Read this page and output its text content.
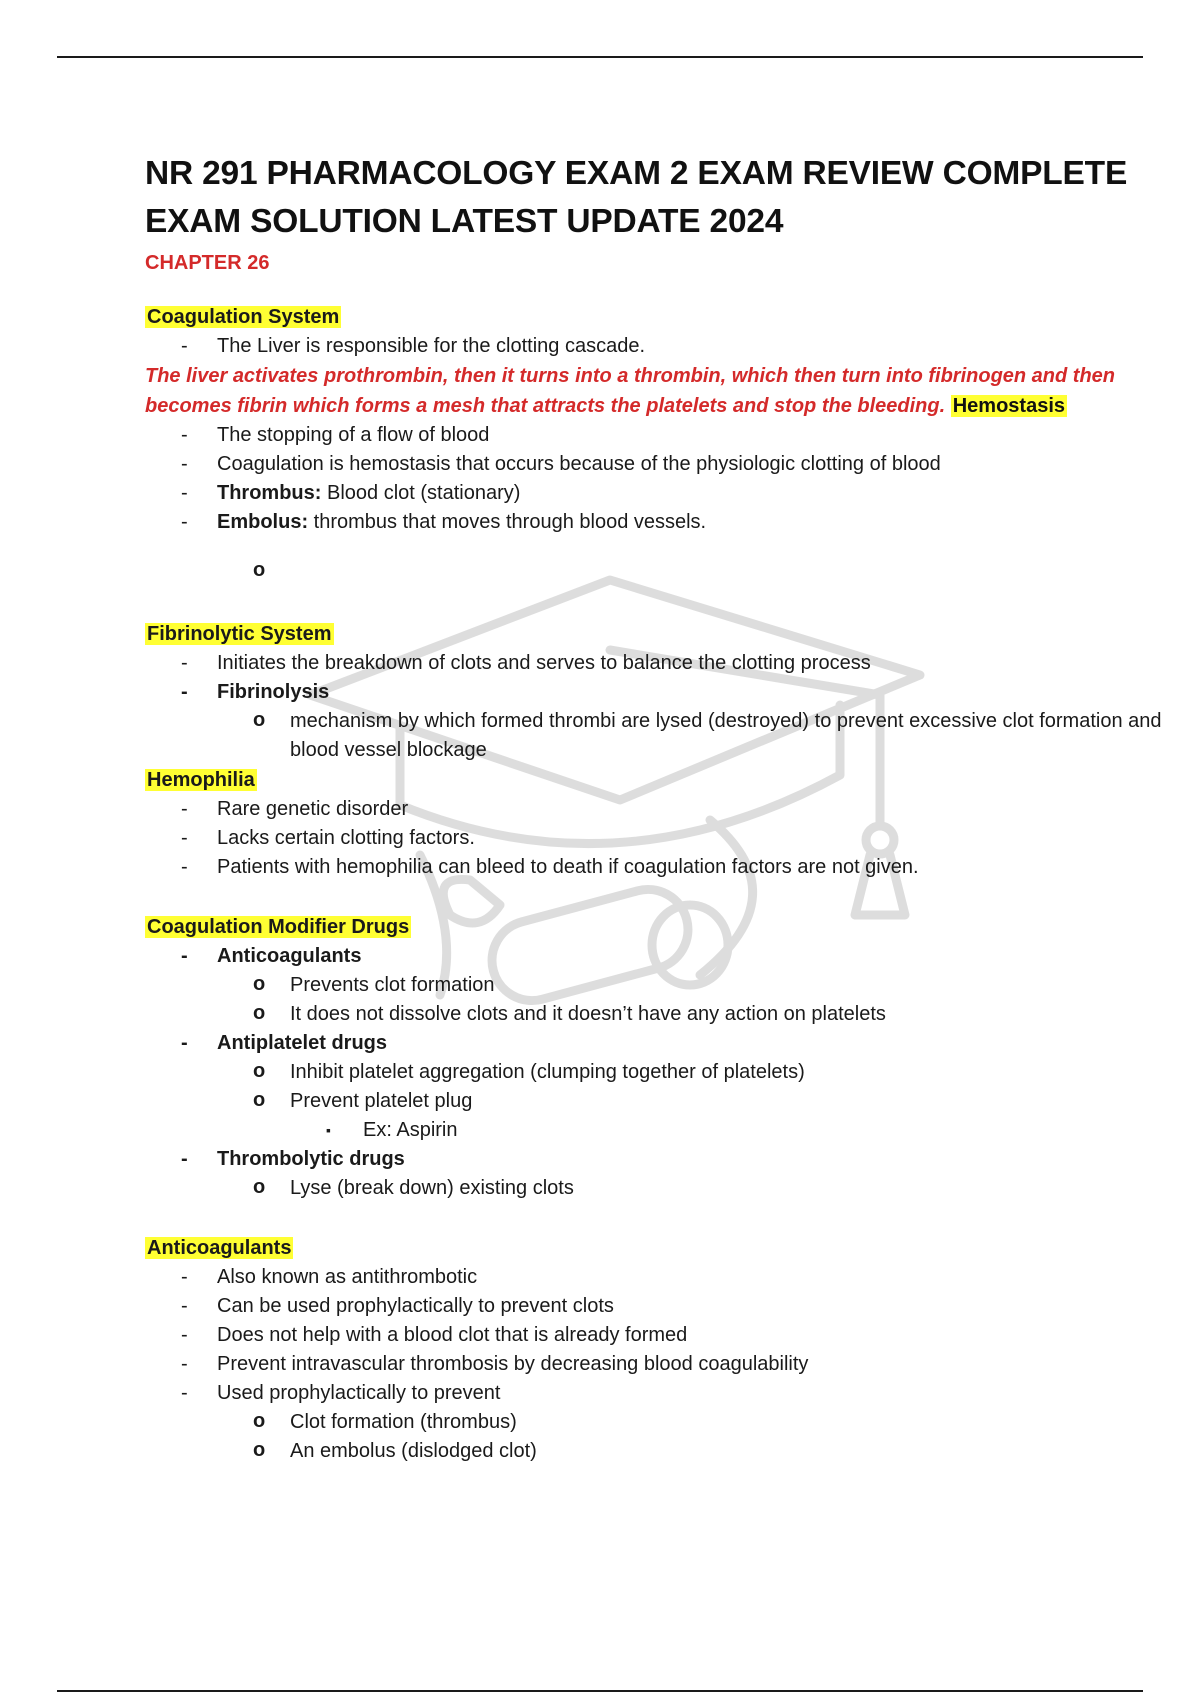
NR 291 PHARMACOLOGY EXAM 2 EXAM REVIEW COMPLETE EXAM SOLUTION LATEST UPDATE 2024
CHAPTER 26
Coagulation System
- The Liver is responsible for the clotting cascade.

The liver activates prothrombin, then it turns into a thrombin, which then turn into fibrinogen and then becomes fibrin which forms a mesh that attracts the platelets and stop the bleeding. Hemostasis

- The stopping of a flow of blood
- Coagulation is hemostasis that occurs because of the physiologic clotting of blood
- Thrombus: Blood clot (stationary)
- Embolus: thrombus that moves through blood vessels.
o
Fibrinolytic System
- Initiates the breakdown of clots and serves to balance the clotting process
- Fibrinolysis
o mechanism by which formed thrombi are lysed (destroyed) to prevent excessive clot formation and blood vessel blockage
Hemophilia
- Rare genetic disorder
- Lacks certain clotting factors.
- Patients with hemophilia can bleed to death if coagulation factors are not given.
Coagulation Modifier Drugs
- Anticoagulants
o Prevents clot formation
o It does not dissolve clots and it doesn’t have any action on platelets
- Antiplatelet drugs
o Inhibit platelet aggregation (clumping together of platelets)
o Prevent platelet plug
▪ Ex: Aspirin
- Thrombolytic drugs
o Lyse (break down) existing clots
Anticoagulants
- Also known as antithrombotic
- Can be used prophylactically to prevent clots
- Does not help with a blood clot that is already formed
- Prevent intravascular thrombosis by decreasing blood coagulability
- Used prophylactically to prevent
o Clot formation (thrombus)
o An embolus (dislodged clot)
